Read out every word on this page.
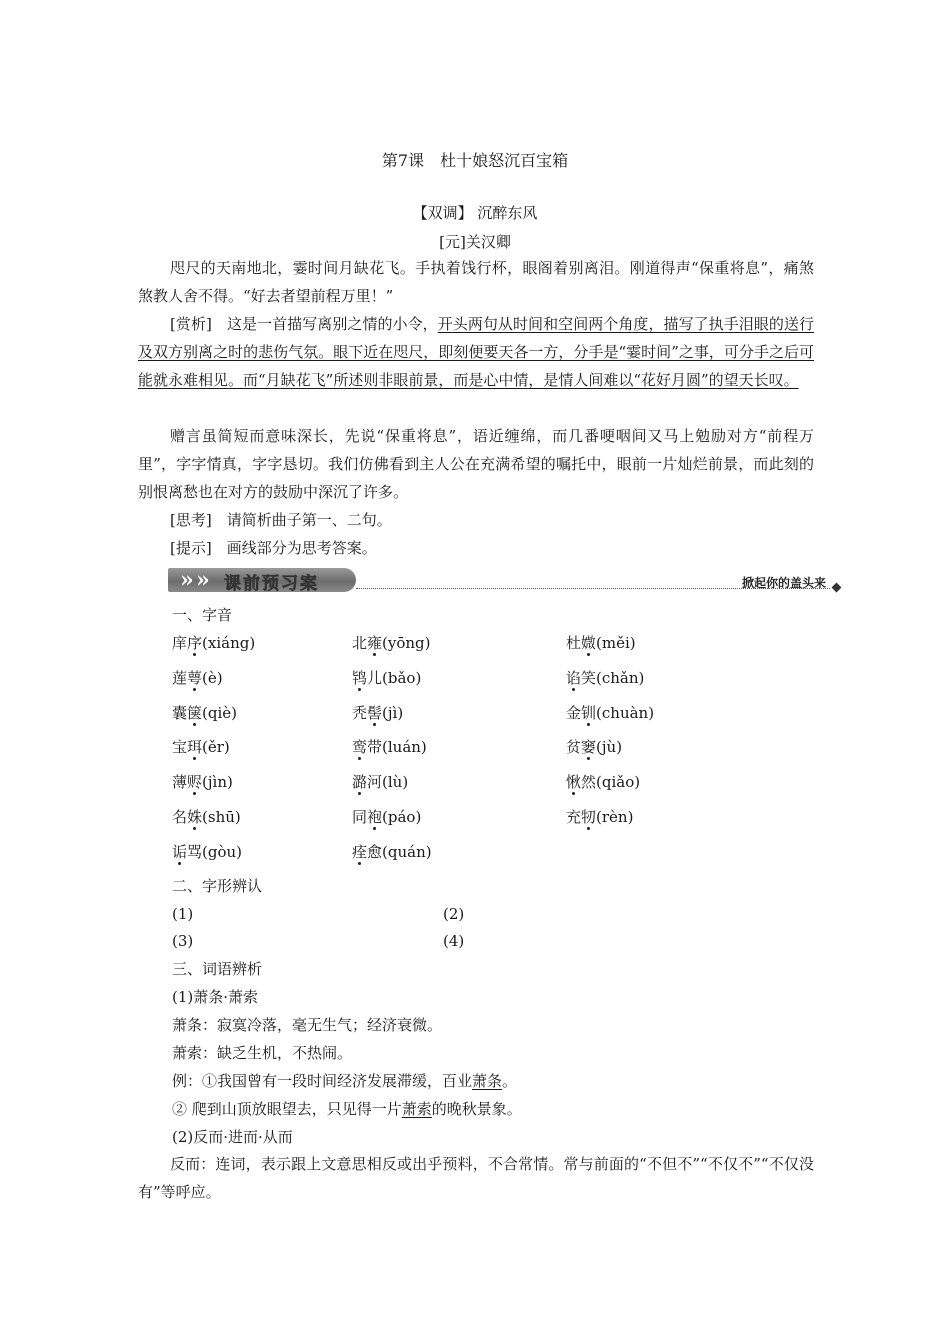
第7课　杜十娘怒沉百宝箱
【双调】 沉醉东风
[元]关汉卿
咫尺的天南地北，霎时间月缺花飞。手执着饯行杯，眼阁着别离泪。刚道得声“保重将息”，痛煞煞教人舍不得。“好去者望前程万里！”
[赏析]　这是一首描写离别之情的小令，开头两句从时间和空间两个角度，描写了执手泪眼的送行及双方别离之时的悲伤气氛。眼下近在咫尺，即刻便要天各一方，分手是“霎时间”之事，可分手之后可能就永难相见。而“月缺花飞”所述则非眼前景，而是心中情，是情人间难以“花好月圆”的望天长叹。
赠言虽简短而意味深长，先说“保重将息”，语近缠绵，而几番哽咽间又马上勉励对方“前程万里”，字字情真，字字恳切。我们仿佛看到主人公在充满希望的嘱托中，眼前一片灿烂前景，而此刻的别恨离愁也在对方的鼓励中深沉了许多。
[思考]　请简析曲子第一、二句。
[提示]　画线部分为思考答案。
» » 课前预习案	掀起你的盖头来
一、字音
庠序(xiáng)	北雍(yōng)	杜媺(měi)
莲萼(è)	鸨儿(bǎo)	谄笑(chǎn)
囊箧(qiè)	秃髻(jì)	金钏(chuàn)
宝珥(ěr)	鸾带(luán)	贫窭(jù)
薄赆(jìn)	潞河(lù)	愀然(qiǎo)
名姝(shū)	同袍(páo)	充牣(rèn)
诟骂(gòu)	痊愈(quán)
二、字形辨认
(1)	(2)
(3)	(4)
三、词语辨析
(1)萧条·萧索
萧条：寂寞冷落，毫无生气；经济衰微。
萧索：缺乏生机，不热闹。
例：①我国曾有一段时间经济发展滞缓，百业萧条。
② 爬到山顶放眼望去，只见得一片萧索的晚秋景象。
(2)反而·进而·从而
反而：连词，表示跟上文意思相反或出乎预料，不合常情。常与前面的“不但不”“不仅不”“不仅没有”等呼应。
